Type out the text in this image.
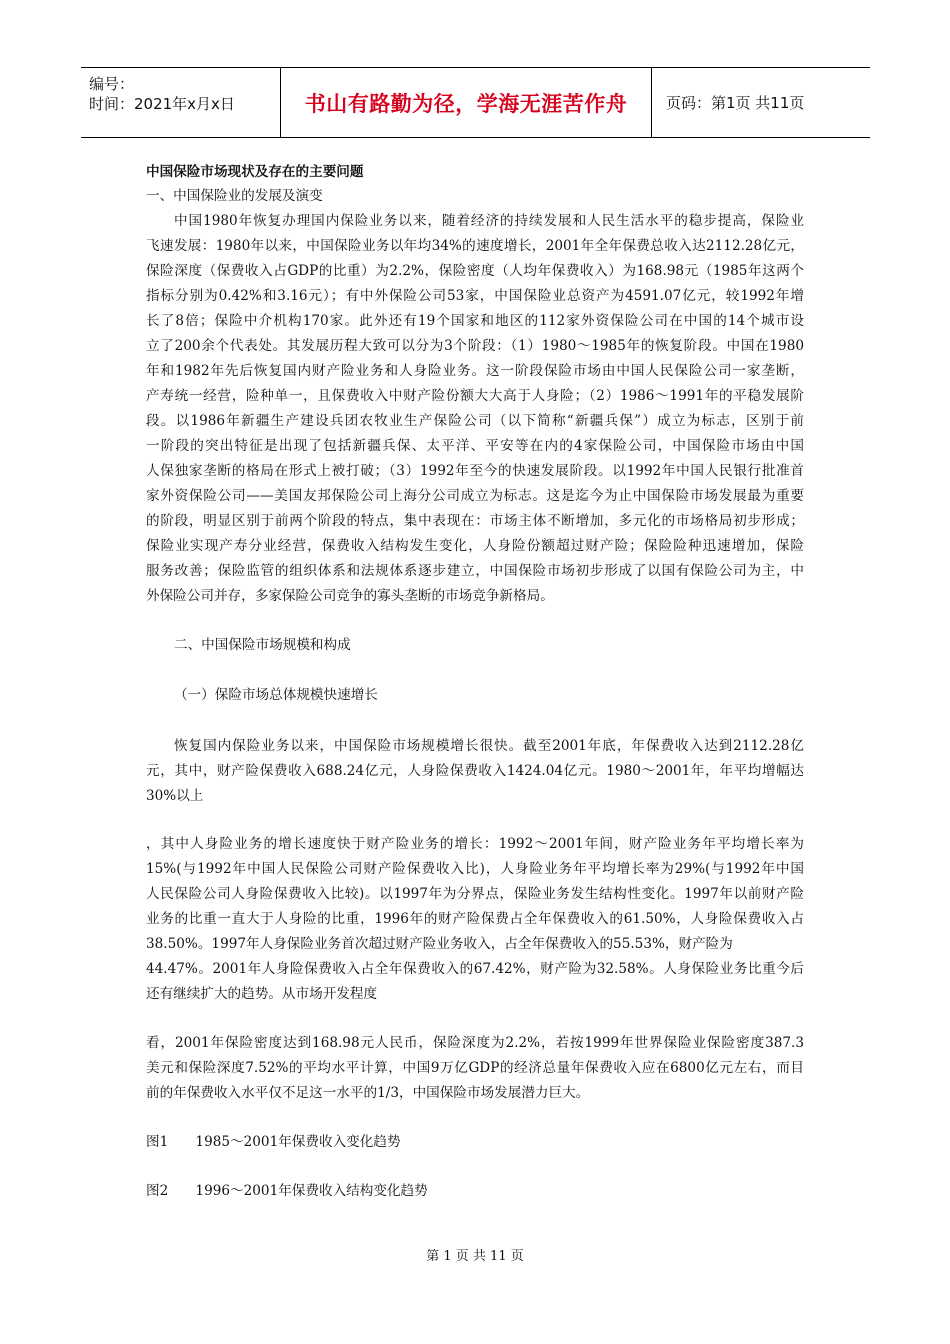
编号：
时间：2021年x月x日	书山有路勤为径，学海无涯苦作舟	页码：第1页 共11页
中国保险市场现状及存在的主要问题
一、中国保险业的发展及演变
中国1980年恢复办理国内保险业务以来，随着经济的持续发展和人民生活水平的稳步提高，保险业
飞速发展：1980年以来，中国保险业务以年均34%的速度增长，2001年全年保费总收入达2112.28亿元，
保险深度（保费收入占GDP的比重）为2.2%，保险密度（人均年保费收入）为168.98元（1985年这两个
指标分别为0.42%和3.16元）；有中外保险公司53家，中国保险业总资产为4591.07亿元，较1992年增
长了8倍；保险中介机构170家。此外还有19个国家和地区的112家外资保险公司在中国的14个城市设
立了200余个代表处。其发展历程大致可以分为3个阶段：（1）1980～1985年的恢复阶段。中国在1980
年和1982年先后恢复国内财产险业务和人身险业务。这一阶段保险市场由中国人民保险公司一家垄断，
产寿统一经营，险种单一，且保费收入中财产险份额大大高于人身险；（2）1986～1991年的平稳发展阶
段。以1986年新疆生产建设兵团农牧业生产保险公司（以下简称“新疆兵保”）成立为标志，区别于前
一阶段的突出特征是出现了包括新疆兵保、太平洋、平安等在内的4家保险公司，中国保险市场由中国
人保独家垄断的格局在形式上被打破；（3）1992年至今的快速发展阶段。以1992年中国人民银行批准首
家外资保险公司——美国友邦保险公司上海分公司成立为标志。这是迄今为止中国保险市场发展最为重要
的阶段，明显区别于前两个阶段的特点，集中表现在：市场主体不断增加，多元化的市场格局初步形成；
保险业实现产寿分业经营，保费收入结构发生变化，人身险份额超过财产险；保险险种迅速增加，保险
服务改善；保险监管的组织体系和法规体系逐步建立，中国保险市场初步形成了以国有保险公司为主，中
外保险公司并存，多家保险公司竞争的寡头垄断的市场竞争新格局。
二、中国保险市场规模和构成
（一）保险市场总体规模快速增长
恢复国内保险业务以来，中国保险市场规模增长很快。截至2001年底，年保费收入达到2112.28亿
元，其中，财产险保费收入688.24亿元，人身险保费收入1424.04亿元。1980～2001年，年平均增幅达
30%以上
，其中人身险业务的增长速度快于财产险业务的增长：1992～2001年间，财产险业务年平均增长率为
15%(与1992年中国人民保险公司财产险保费收入比)，人身险业务年平均增长率为29%(与1992年中国
人民保险公司人身险保费收入比较)。以1997年为分界点，保险业务发生结构性变化。1997年以前财产险
业务的比重一直大于人身险的比重，1996年的财产险保费占全年保费收入的61.50%，人身险保费收入占
38.50%。1997年人身保险业务首次超过财产险业务收入，占全年保费收入的55.53%，财产险为
44.47%。2001年人身险保费收入占全年保费收入的67.42%，财产险为32.58%。人身保险业务比重今后
还有继续扩大的趋势。从市场开发程度
看，2001年保险密度达到168.98元人民币，保险深度为2.2%，若按1999年世界保险业保险密度387.3
美元和保险深度7.52%的平均水平计算，中国9万亿GDP的经济总量年保费收入应在6800亿元左右，而目
前的年保费收入水平仅不足这一水平的1/3，中国保险市场发展潜力巨大。
图1　　1985～2001年保费收入变化趋势
图2　　1996～2001年保费收入结构变化趋势
第 1 页 共 11 页
